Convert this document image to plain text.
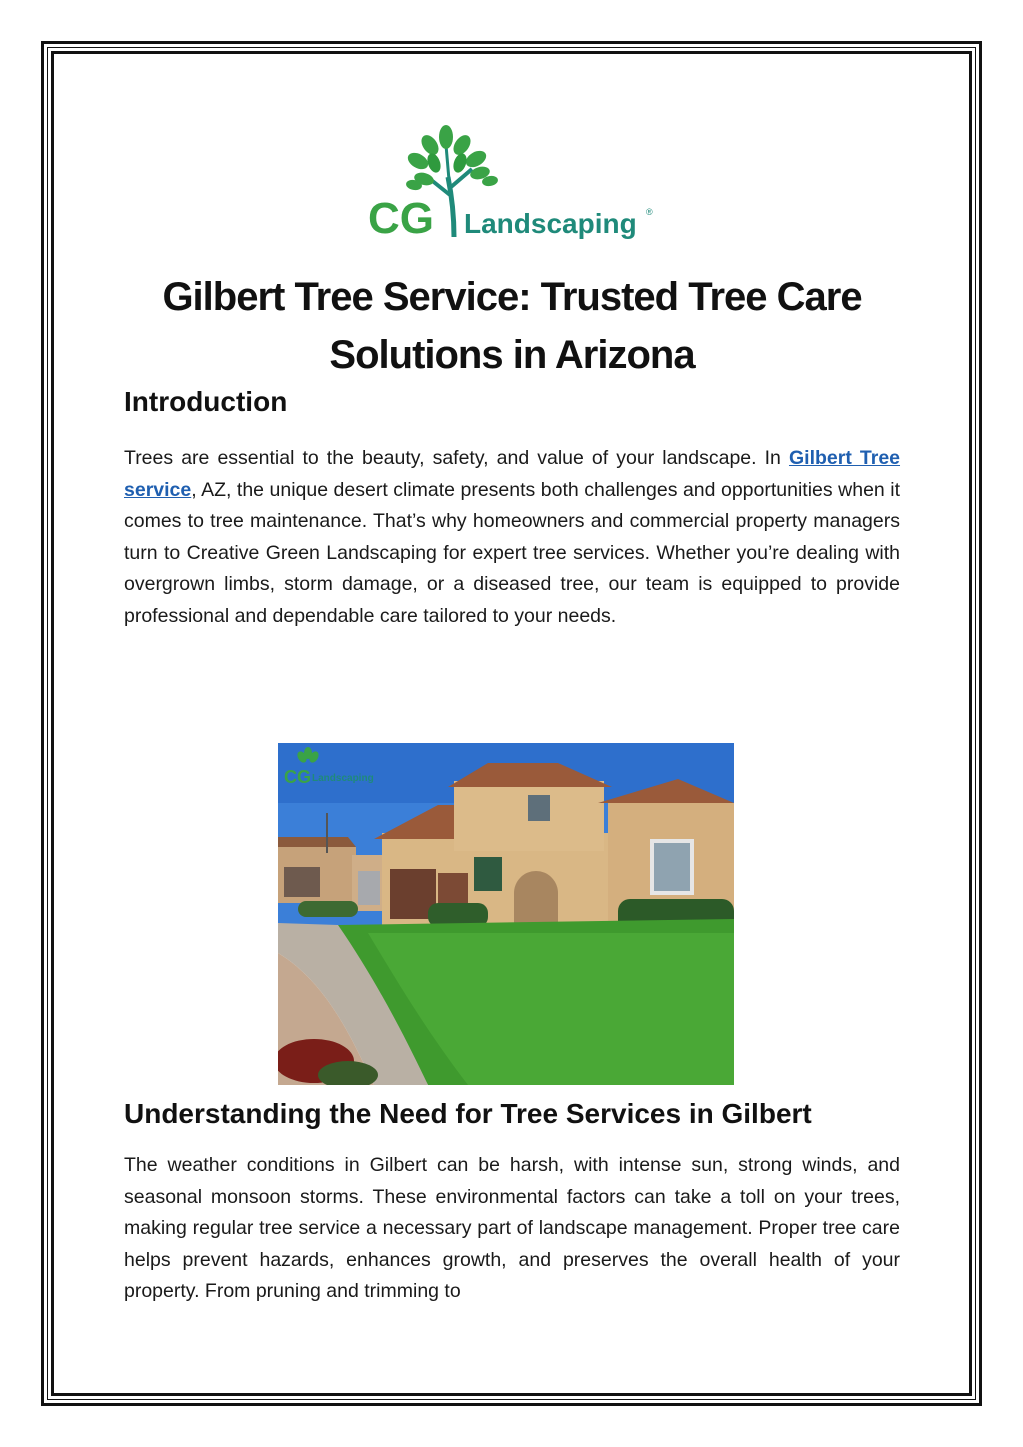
CG Landscaping ®
Gilbert Tree Service: Trusted Tree Care
Solutions in Arizona
Introduction

Trees are essential to the beauty, safety, and value of your landscape. In Gilbert Tree service, AZ, the unique desert climate presents both challenges and opportunities when it comes to tree maintenance. That’s why homeowners and commercial property managers turn to Creative Green Landscaping for expert tree services. Whether you’re dealing with overgrown limbs, storm damage, or a diseased tree, our team is equipped to provide professional and dependable care tailored to your needs.

CG Landscaping
Understanding the Need for Tree Services in Gilbert

The weather conditions in Gilbert can be harsh, with intense sun, strong winds, and seasonal monsoon storms. These environmental factors can take a toll on your trees, making regular tree service a necessary part of landscape management. Proper tree care helps prevent hazards, enhances growth, and preserves the overall health of your property. From pruning and trimming to
